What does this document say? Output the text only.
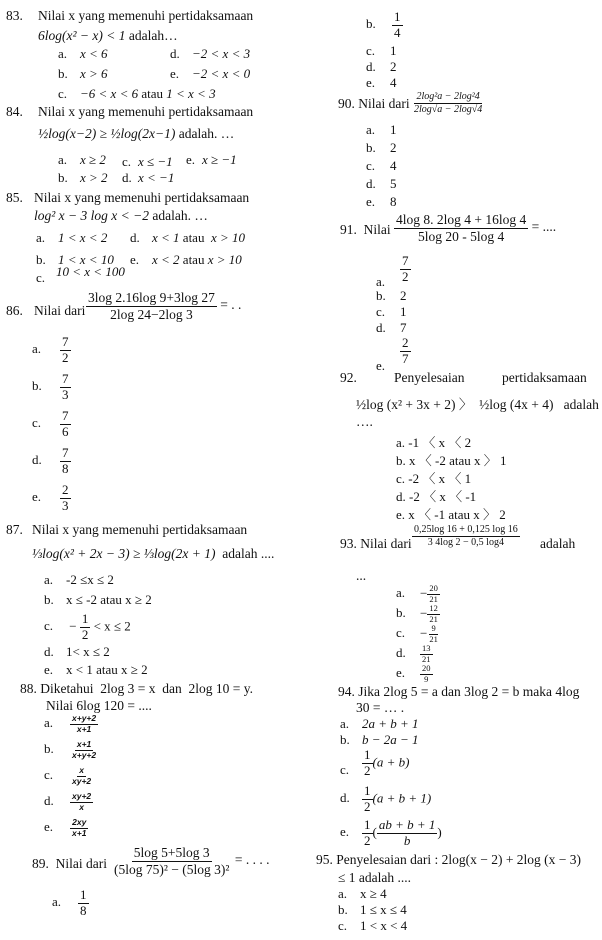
83. Nilai x yang memenuhi pertidaksamaan
6log(x² − x) < 1 adalah…
a. x < 6	d. −2 < x < 3
b. x > 6	e. −2 < x < 0
c. −6 < x < 6 atau 1 < x < 3
84. Nilai x yang memenuhi pertidaksamaan
½log(x−2) ≥ ½log(2x−1) adalah. …
a. x ≥ 2 c. x ≤ −1 e. x ≥ −1
b. x > 2 d. x < −1
85. Nilai x yang memenuhi pertidaksamaan
log² x − 3 log x < −2 adalah. …
a. 1 < x < 2 d. x < 1 atau x > 10
b. 1 < x < 10 e. x < 2 atau x > 10
c. 10 < x < 100
86. Nilai dari $\frac{3\log 2.16\log 9+3\log 27}{2\log 24-2\log 3}$ = . .
a. $\frac{7}{2}$
b. $\frac{7}{3}$
c. $\frac{7}{6}$
d. $\frac{7}{8}$
e. $\frac{2}{3}$
87. Nilai x yang memenuhi pertidaksamaan
⅓log(x² + 2x − 3) ≥ ⅓log(2x + 1) adalah ....
a. -2 ≤x ≤ 2
b. x ≤ -2 atau x ≥ 2
c. − $\frac{1}{2} < x \le 2$
d. 1< x ≤ 2
e. x < 1 atau x ≥ 2
88. Diketahui 2log 3 = x dan 2log 10 = y.
Nilai 6log 120 = ....
a. $\frac{x+y+2}{x+1}$
b. $\frac{x+1}{x+y+2}$
c. $\frac{x}{xy+2}$
d. $\frac{xy+2}{x}$
e. $\frac{2xy}{x+1}$
89. Nilai dari $\frac{5\log 5+5\log 3}{\text{(5log 75)² − (5log 3)²}}$ = . . . .
a. $\frac{1}{8}$
b. $\frac{1}{4}$
c. 1
d. 2
e. 4
90. Nilai dari $\frac{\text{2log²a − 2log²4}}{2\log√a - 2\log√4}$
a. 1
b. 2
c. 4
d. 5
e. 8
91. Nilai $\frac{4\log 8. 2\log 4 + 16\log 4}{5\log 20 - 5\log 4}$ = ....
a. $\frac{7}{2}$
b. 2
c. 1
d. 7
e. $\frac{2}{7}$
92.	Penyelesaian	pertidaksamaan
½log (x² + 3x + 2) 〉 ½log (4x + 4) adalah
….
a. -1 〈 x 〈 2
b. x 〈 -2 atau x 〉 1
c. -2 〈 x 〈 1
d. -2 〈 x 〈 -1
e. x 〈 -1 atau x 〉 2
93. Nilai dari $\frac{0,25\log 16 + 0,125 \log 16}{3 4\log 2 - 0,5 \log 4}$ adalah
...
a. − $\frac{20}{21}$
b. − $\frac{12}{21}$
c. − $\frac{9}{21}$
d. $\frac{13}{21}$
e. $\frac{20}{9}$
94. Jika 2log 5 = a dan 3log 2 = b maka 4log
30 = … .
a. 2a + b + 1
b. b − 2a − 1
c. $\frac{1}{2} (a + b)$
d. $\frac{1}{2} (a + b + 1)$
e. $\frac{1}{2}$ ( $\frac{ab + b + 1}{b}$ )
95. Penyelesaian dari : 2log(x − 2) + 2log (x − 3)
≤ 1 adalah ....
a. x ≥ 4
b. 1 ≤ x ≤ 4
c. 1 < x < 4
